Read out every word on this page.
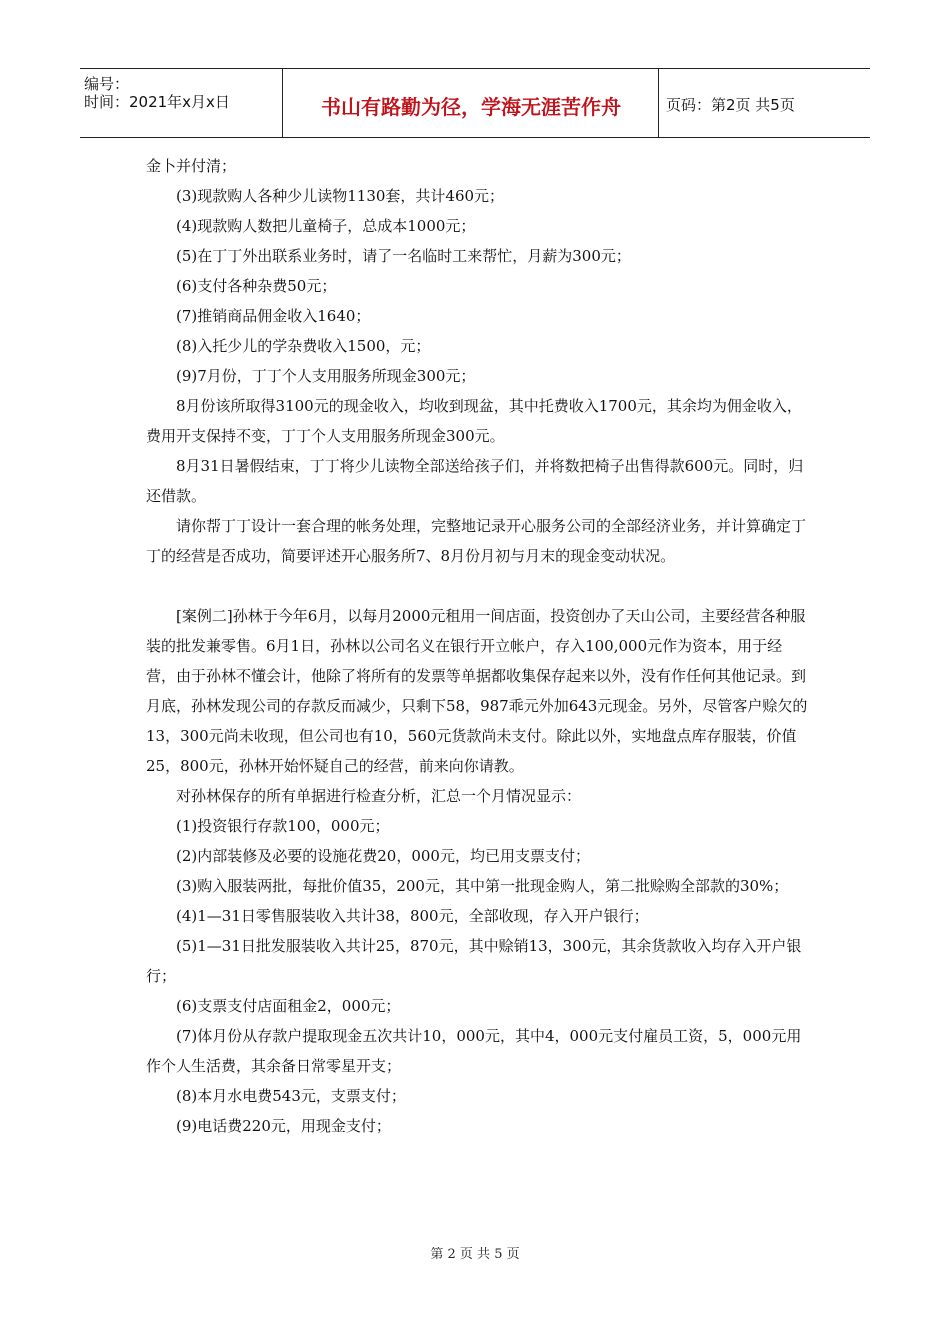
编号：
时间：2021年x月x日	书山有路勤为径，学海无涯苦作舟	页码：第2页 共5页

金卜并付清；

(3)现款购人各种少儿读物1130套，共计460元；

(4)现款购人数把儿童椅子，总成本1000元；

(5)在丁丁外出联系业务时，请了一名临时工来帮忙，月薪为300元；

(6)支付各种杂费50元；

(7)推销商品佣金收入1640；

(8)入托少儿的学杂费收入1500，元；

(9)7月份，丁丁个人支用服务所现金300元；

8月份该所取得3100元的现金收入，均收到现盆，其中托费收入1700元，其余均为佣金收入，费用开支保持不变，丁丁个人支用服务所现金300元。

8月31日暑假结束，丁丁将少儿读物全部送给孩子们，并将数把椅子出售得款600元。同时，归还借款。

请你帮丁丁设计一套合理的帐务处理，完整地记录开心服务公司的全部经济业务，并计算确定丁丁的经营是否成功，简要评述开心服务所7、8月份月初与月末的现金变动状况。

[案例二]孙林于今年6月，以每月2000元租用一间店面，投资创办了天山公司，主要经营各种服装的批发兼零售。6月1日，孙林以公司名义在银行开立帐户，存入100,000元作为资本，用于经营，由于孙林不懂会计，他除了将所有的发票等单据都收集保存起来以外，没有作任何其他记录。到月底，孙林发现公司的存款反而减少，只剩下58，987乖元外加643元现金。另外，尽管客户赊欠的13，300元尚未收现，但公司也有10，560元货款尚未支付。除此以外，实地盘点库存服装，价值25，800元，孙林开始怀疑自己的经营，前来向你请教。

对孙林保存的所有单据进行检查分析，汇总一个月情况显示：

(1)投资银行存款100，000元；

(2)内部装修及必要的设施花费20，000元，均已用支票支付；

(3)购入服装两批，每批价值35，200元，其中第一批现金购人，第二批赊购全部款的30%；

(4)1—31日零售服装收入共计38，800元，全部收现，存入开户银行；

(5)1—31日批发服装收入共计25，870元，其中赊销13，300元，其余货款收入均存入开户银行；

(6)支票支付店面租金2，000元；

(7)体月份从存款户提取现金五次共计10，000元，其中4，000元支付雇员工资，5，000元用作个人生活费，其余备日常零星开支；

(8)本月水电费543元，支票支付；

(9)电话费220元，用现金支付；

第 2 页 共 5 页
